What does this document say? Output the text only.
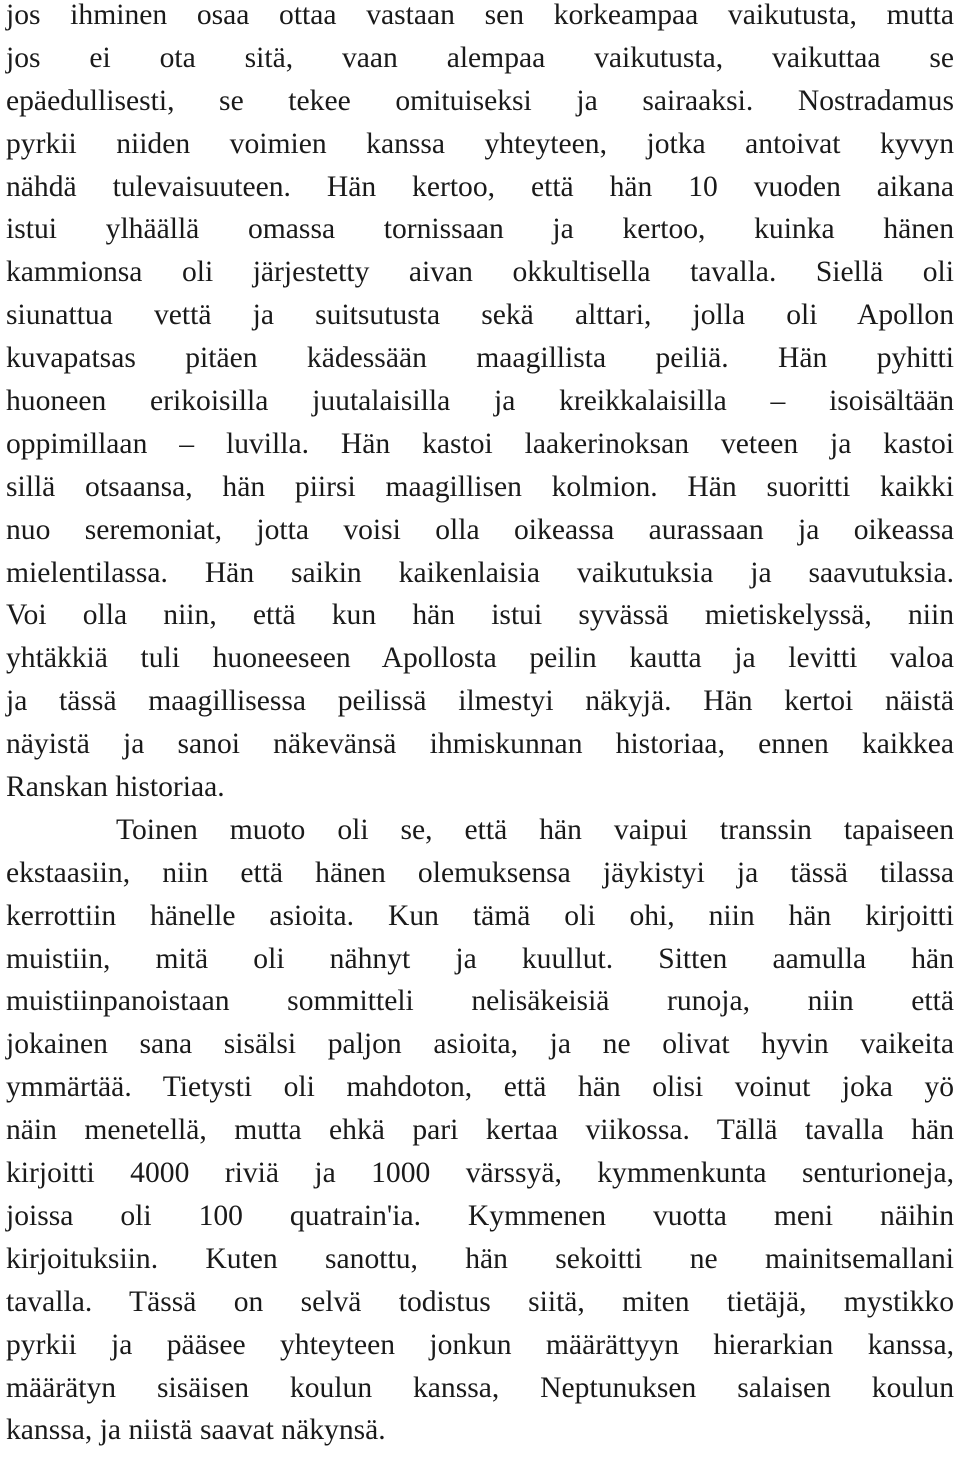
jos ihminen osaa ottaa vastaan sen korkeampaa vaikutusta, mutta
jos ei ota sitä, vaan alempaa vaikutusta, vaikuttaa se
epäedullisesti, se tekee omituiseksi ja sairaaksi. Nostradamus
pyrkii niiden voimien kanssa yhteyteen, jotka antoivat kyvyn
nähdä tulevaisuuteen. Hän kertoo, että hän 10 vuoden aikana
istui ylhäällä omassa tornissaan ja kertoo, kuinka hänen
kammionsa oli järjestetty aivan okkultisella tavalla. Siellä oli
siunattua vettä ja suitsutusta sekä alttari, jolla oli Apollon
kuvapatsas pitäen kädessään maagillista peiliä. Hän pyhitti
huoneen erikoisilla juutalaisilla ja kreikkalaisilla – isoisältään
oppimillaan – luvilla. Hän kastoi laakerinoksan veteen ja kastoi
sillä otsaansa, hän piirsi maagillisen kolmion. Hän suoritti kaikki
nuo seremoniat, jotta voisi olla oikeassa aurassaan ja oikeassa
mielentilassa. Hän saikin kaikenlaisia vaikutuksia ja saavutuksia.
Voi olla niin, että kun hän istui syvässä mietiskelyssä, niin
yhtäkkiä tuli huoneeseen Apollosta peilin kautta ja levitti valoa
ja tässä maagillisessa peilissä ilmestyi näkyjä. Hän kertoi näistä
näyistä ja sanoi näkevänsä ihmiskunnan historiaa, ennen kaikkea
Ranskan historiaa.
Toinen muoto oli se, että hän vaipui transsin tapaiseen
ekstaasiin, niin että hänen olemuksensa jäykistyi ja tässä tilassa
kerrottiin hänelle asioita. Kun tämä oli ohi, niin hän kirjoitti
muistiin, mitä oli nähnyt ja kuullut. Sitten aamulla hän
muistiinpanoistaan sommitteli nelisäkeisiä runoja, niin että
jokainen sana sisälsi paljon asioita, ja ne olivat hyvin vaikeita
ymmärtää. Tietysti oli mahdoton, että hän olisi voinut joka yö
näin menetellä, mutta ehkä pari kertaa viikossa. Tällä tavalla hän
kirjoitti 4000 riviä ja 1000 värssyä, kymmenkunta senturioneja,
joissa oli 100 quatrain'ia. Kymmenen vuotta meni näihin
kirjoituksiin. Kuten sanottu, hän sekoitti ne mainitsemallani
tavalla. Tässä on selvä todistus siitä, miten tietäjä, mystikko
pyrkii ja pääsee yhteyteen jonkun määrättyyn hierarkian kanssa,
määrätyn sisäisen koulun kanssa, Neptunuksen salaisen koulun
kanssa, ja niistä saavat näkynsä.
